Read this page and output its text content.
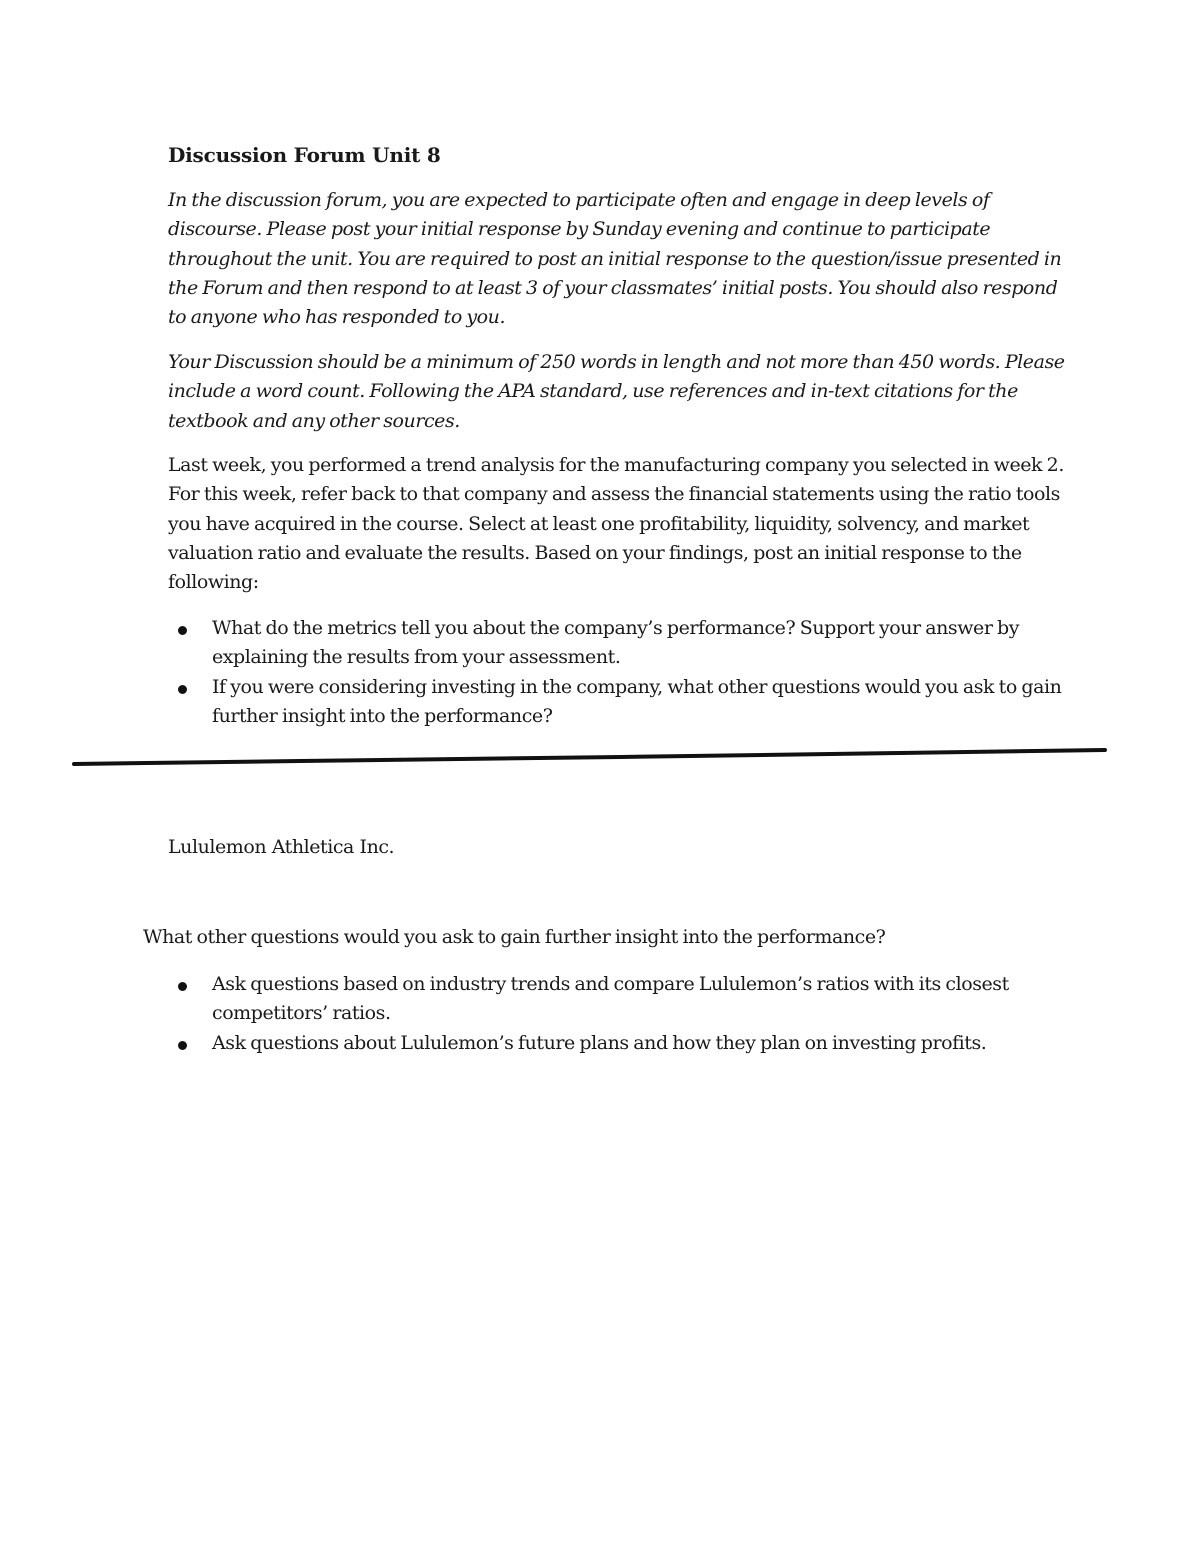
Discussion Forum Unit 8
In the discussion forum, you are expected to participate often and engage in deep levels of discourse. Please post your initial response by Sunday evening and continue to participate throughout the unit. You are required to post an initial response to the question/issue presented in the Forum and then respond to at least 3 of your classmates’ initial posts. You should also respond to anyone who has responded to you.
Your Discussion should be a minimum of 250 words in length and not more than 450 words. Please include a word count. Following the APA standard, use references and in-text citations for the textbook and any other sources.
Last week, you performed a trend analysis for the manufacturing company you selected in week 2. For this week, refer back to that company and assess the financial statements using the ratio tools you have acquired in the course. Select at least one profitability, liquidity, solvency, and market valuation ratio and evaluate the results. Based on your findings, post an initial response to the following:
What do the metrics tell you about the company’s performance? Support your answer by explaining the results from your assessment.
If you were considering investing in the company, what other questions would you ask to gain further insight into the performance?
Lululemon Athletica Inc.
What other questions would you ask to gain further insight into the performance?
Ask questions based on industry trends and compare Lululemon’s ratios with its closest competitors’ ratios.
Ask questions about Lululemon’s future plans and how they plan on investing profits.
